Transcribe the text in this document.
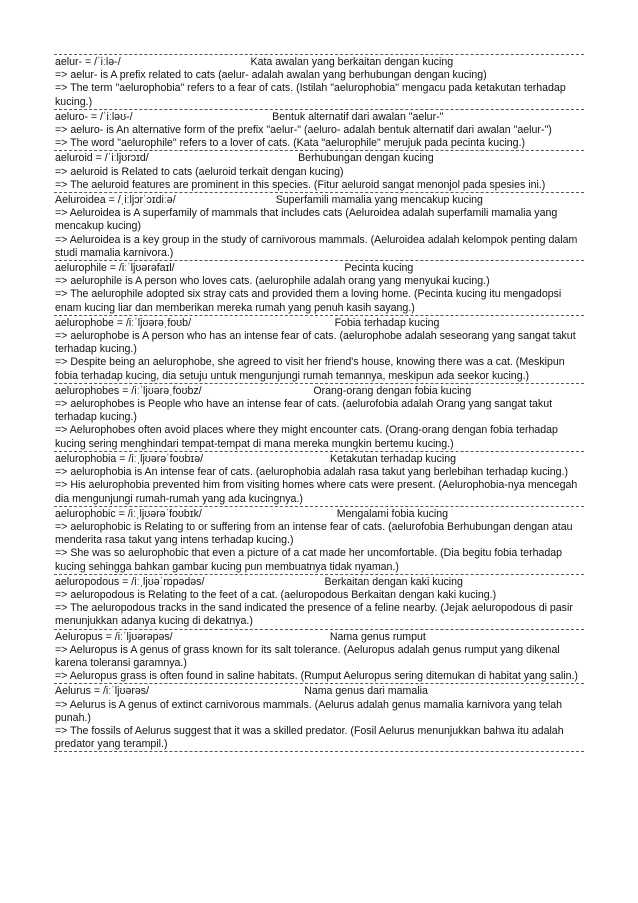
aelur- = /ˈiːlə-/	Kata awalan yang berkaitan dengan kucing
=> aelur- is A prefix related to cats (aelur- adalah awalan yang berhubungan dengan kucing)
=> The term "aelurophobia" refers to a fear of cats. (Istilah "aelurophobia" mengacu pada ketakutan terhadap kucing.)
aeluro- = /ˈiːləʊ-/	Bentuk alternatif dari awalan "aelur-"
=> aeluro- is An alternative form of the prefix "aelur-" (aeluro- adalah bentuk alternatif dari awalan "aelur-")
=> The word "aelurophile" refers to a lover of cats. (Kata "aelurophile" merujuk pada pecinta kucing.)
aeluroid = /ˈiːljʊrɔɪd/	Berhubungan dengan kucing
=> aeluroid is Related to cats (aeluroid terkait dengan kucing)
=> The aeluroid features are prominent in this species. (Fitur aeluroid sangat menonjol pada spesies ini.)
Aeluroidea = /ˌiːljɔrˈɔɪdiːə/	Superfamili mamalia yang mencakup kucing
=> Aeluroidea is A superfamily of mammals that includes cats (Aeluroidea adalah superfamili mamalia yang mencakup kucing)
=> Aeluroidea is a key group in the study of carnivorous mammals. (Aeluroidea adalah kelompok penting dalam studi mamalia karnivora.)
aelurophile = /iːˈljʊərəfaɪl/	Pecinta kucing
=> aelurophile is A person who loves cats. (aelurophile adalah orang yang menyukai kucing.)
=> The aelurophile adopted six stray cats and provided them a loving home. (Pecinta kucing itu mengadopsi enam kucing liar dan memberikan mereka rumah yang penuh kasih sayang.)
aelurophobe = /iːˈljʊərəˌfoʊb/	Fobia terhadap kucing
=> aelurophobe is A person who has an intense fear of cats. (aelurophobe adalah seseorang yang sangat takut terhadap kucing.)
=> Despite being an aelurophobe, she agreed to visit her friend's house, knowing there was a cat. (Meskipun fobia terhadap kucing, dia setuju untuk mengunjungi rumah temannya, meskipun ada seekor kucing.)
aelurophobes = /iːˈljʊərəˌfoʊbz/	Orang-orang dengan fobia kucing
=> aelurophobes is People who have an intense fear of cats. (aelurofobia adalah Orang yang sangat takut terhadap kucing.)
=> Aelurophobes often avoid places where they might encounter cats. (Orang-orang dengan fobia terhadap kucing sering menghindari tempat-tempat di mana mereka mungkin bertemu kucing.)
aelurophobia = /iːˌljʊərəˈfoʊbɪə/	Ketakutan terhadap kucing
=> aelurophobia is An intense fear of cats. (aelurophobia adalah rasa takut yang berlebihan terhadap kucing.)
=> His aelurophobia prevented him from visiting homes where cats were present. (Aelurophobia-nya mencegah dia mengunjungi rumah-rumah yang ada kucingnya.)
aelurophobic = /iːˌljʊərəˈfoʊbɪk/	Mengalami fobia kucing
=> aelurophobic is Relating to or suffering from an intense fear of cats. (aelurofobia Berhubungan dengan atau menderita rasa takut yang intens terhadap kucing.)
=> She was so aelurophobic that even a picture of a cat made her uncomfortable. (Dia begitu fobia terhadap kucing sehingga bahkan gambar kucing pun membuatnya tidak nyaman.)
aeluropodous = /iːˌljʊəˈrɒpədəs/	Berkaitan dengan kaki kucing
=> aeluropodous is Relating to the feet of a cat. (aeluropodous Berkaitan dengan kaki kucing.)
=> The aeluropodous tracks in the sand indicated the presence of a feline nearby. (Jejak aeluropodous di pasir menunjukkan adanya kucing di dekatnya.)
Aeluropus = /iːˈljʊərəpəs/	Nama genus rumput
=> Aeluropus is A genus of grass known for its salt tolerance. (Aeluropus adalah genus rumput yang dikenal karena toleransi garamnya.)
=> Aeluropus grass is often found in saline habitats. (Rumput Aeluropus sering ditemukan di habitat yang salin.)
Aelurus = /iːˈljʊərəs/	Nama genus dari mamalia
=> Aelurus is A genus of extinct carnivorous mammals. (Aelurus adalah genus mamalia karnivora yang telah punah.)
=> The fossils of Aelurus suggest that it was a skilled predator. (Fosil Aelurus menunjukkan bahwa itu adalah predator yang terampil.)
